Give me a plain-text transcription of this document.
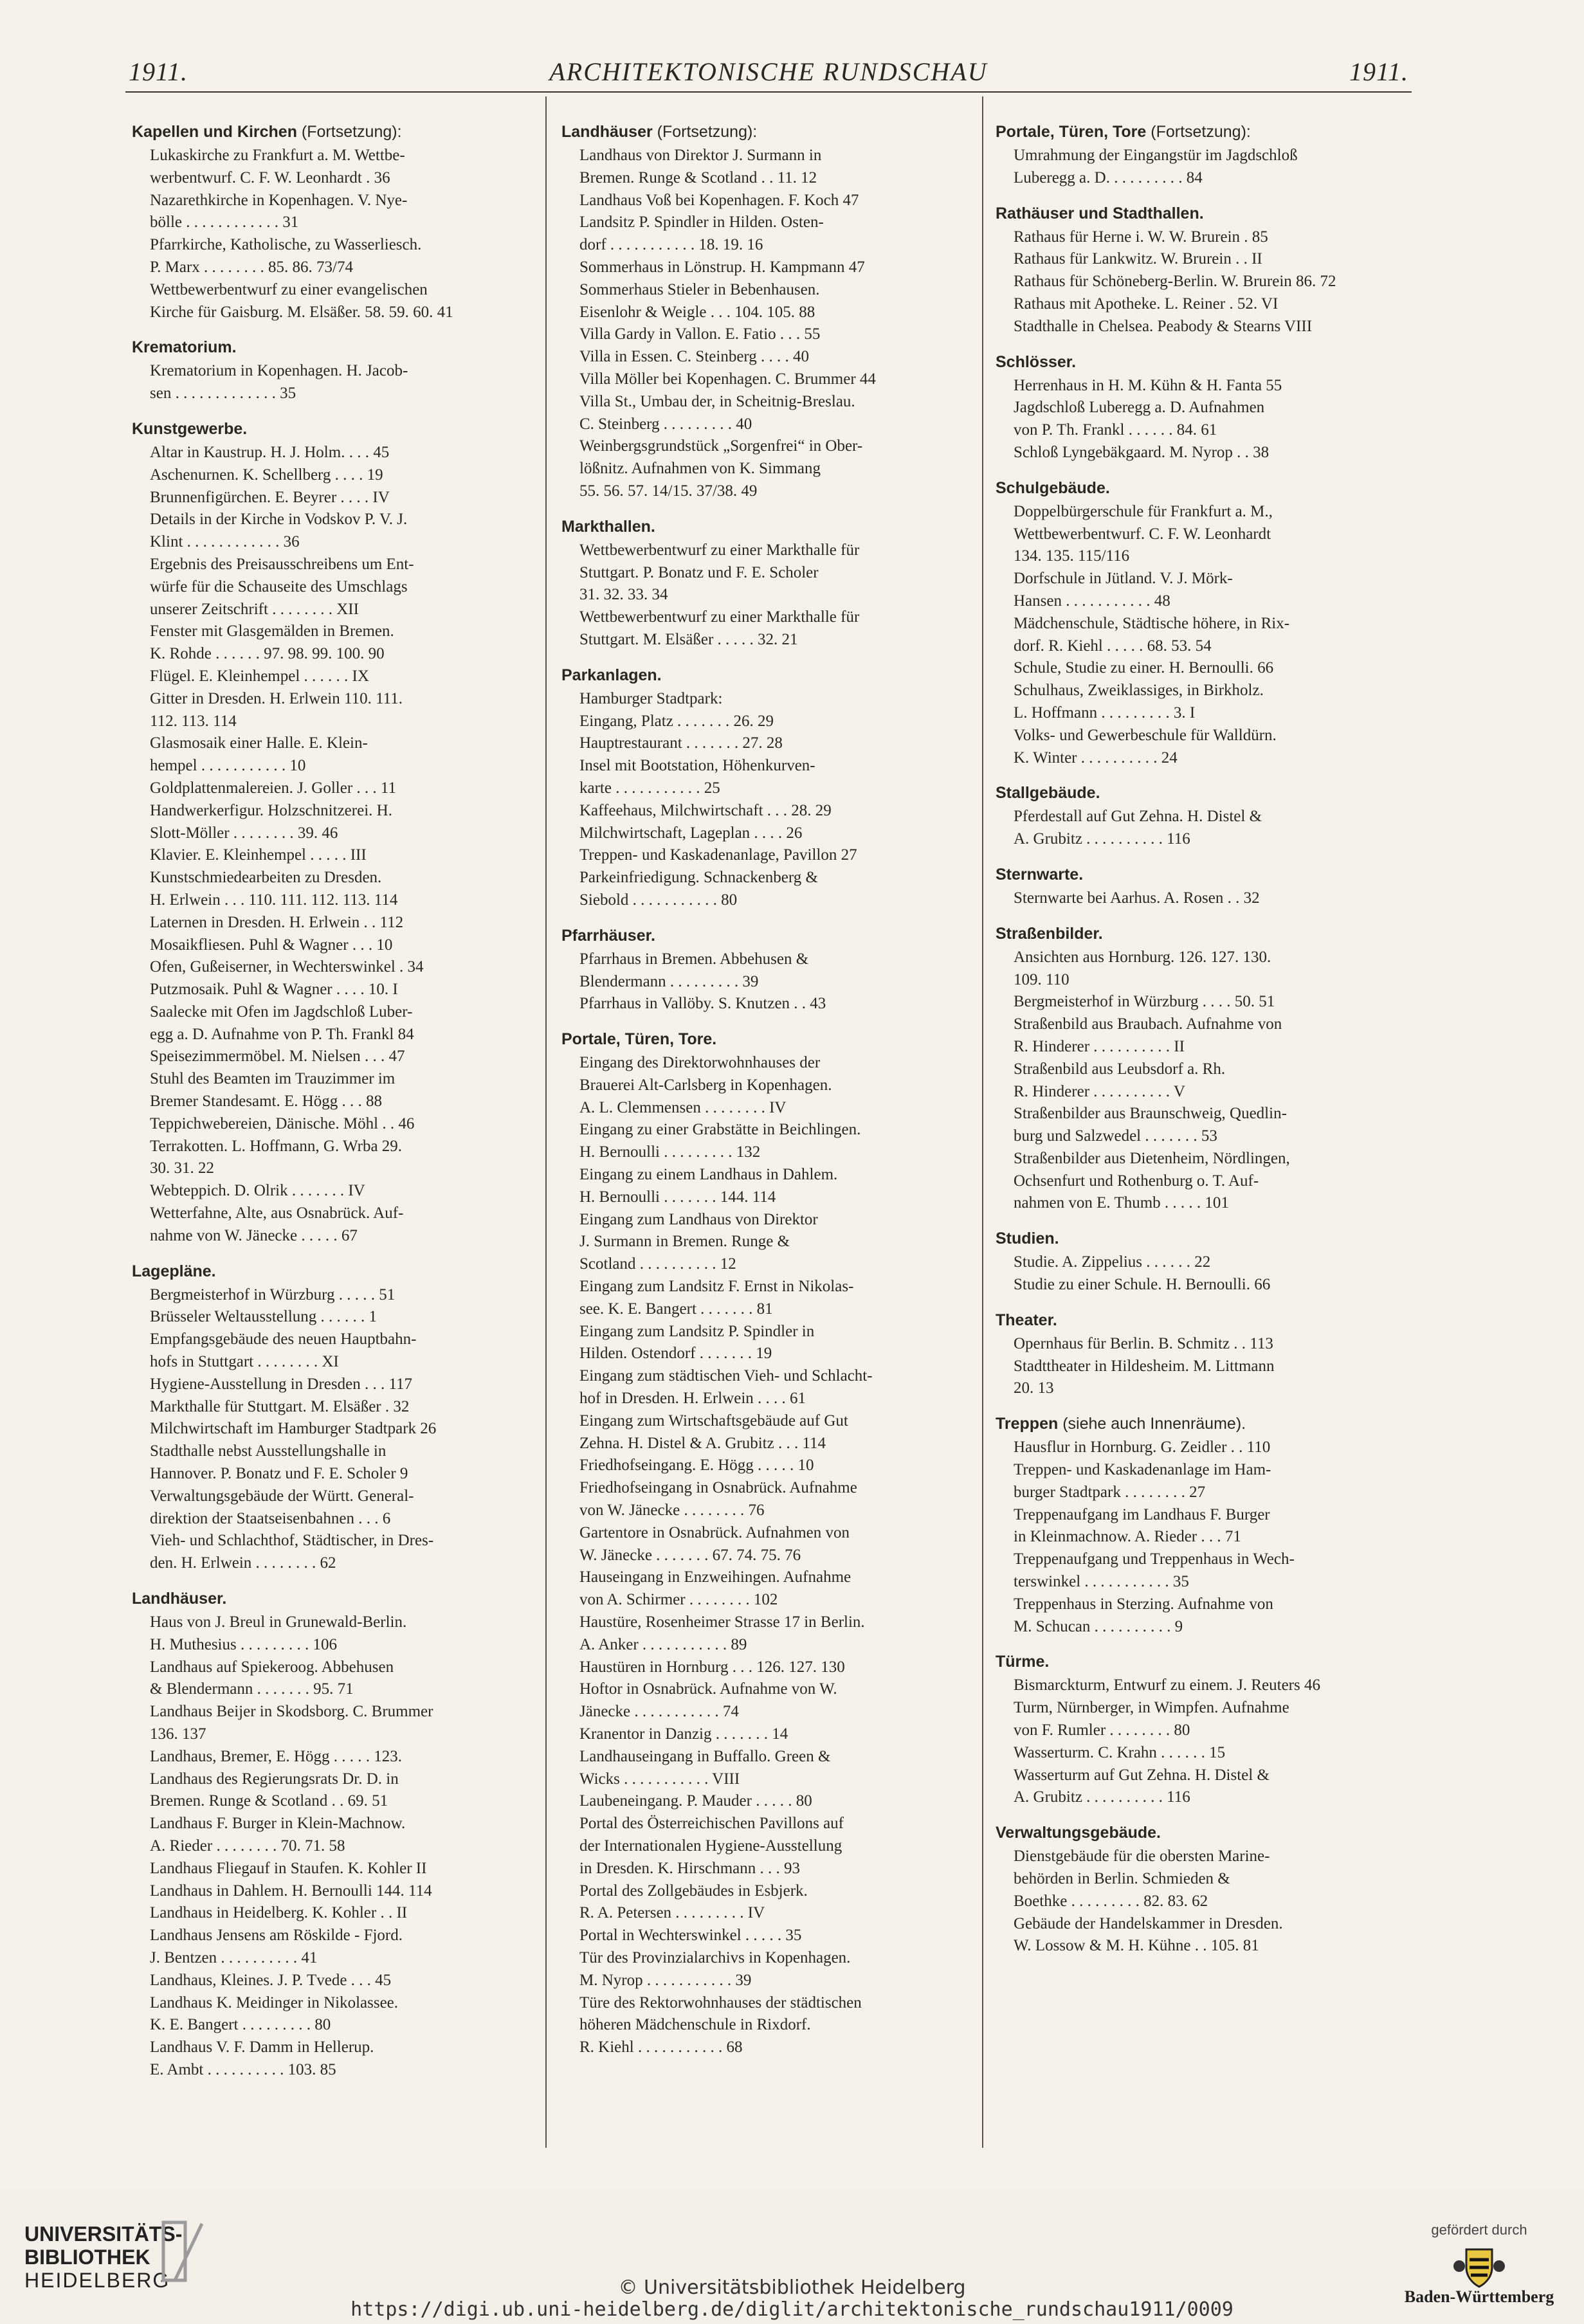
1911.	ARCHITEKTONISCHE RUNDSCHAU	1911.
Kapellen und Kirchen (Fortsetzung):
Lukaskirche zu Frankfurt a. M. Wettbe-
werbentwurf. C. F. W. Leonhardt . 36
Nazarethkirche in Kopenhagen. V. Nye-
bölle . . . . . . . . . . . . 31
Pfarrkirche, Katholische, zu Wasserliesch.
P. Marx . . . . . . . . 85. 86. 73/74
Wettbewerbentwurf zu einer evangelischen
Kirche für Gaisburg. M. Elsäßer. 58. 59. 60. 41
Krematorium.
Krematorium in Kopenhagen. H. Jacob-
sen . . . . . . . . . . . . . 35
Kunstgewerbe.
Altar in Kaustrup. H. J. Holm. . . . 45
Aschenurnen. K. Schellberg . . . . 19
Brunnenfigürchen. E. Beyrer . . . . IV
Details in der Kirche in Vodskov P. V. J.
Klint . . . . . . . . . . . . 36
Ergebnis des Preisausschreibens um Ent-
würfe für die Schauseite des Umschlags
unserer Zeitschrift . . . . . . . . XII
Fenster mit Glasgemälden in Bremen.
K. Rohde . . . . . . 97. 98. 99. 100. 90
Flügel. E. Kleinhempel . . . . . . IX
Gitter in Dresden. H. Erlwein 110. 111.
112. 113. 114
Glasmosaik einer Halle. E. Klein-
hempel . . . . . . . . . . . 10
Goldplattenmalereien. J. Goller . . . 11
Handwerkerfigur. Holzschnitzerei. H.
Slott-Möller . . . . . . . . 39. 46
Klavier. E. Kleinhempel . . . . . III
Kunstschmiedearbeiten zu Dresden.
H. Erlwein . . . 110. 111. 112. 113. 114
Laternen in Dresden. H. Erlwein . . 112
Mosaikfliesen. Puhl & Wagner . . . 10
Ofen, Gußeiserner, in Wechterswinkel . 34
Putzmosaik. Puhl & Wagner . . . . 10. I
Saalecke mit Ofen im Jagdschloß Luber-
egg a. D. Aufnahme von P. Th. Frankl 84
Speisezimmermöbel. M. Nielsen . . . 47
Stuhl des Beamten im Trauzimmer im
Bremer Standesamt. E. Högg . . . 88
Teppichwebereien, Dänische. Möhl . . 46
Terrakotten. L. Hoffmann, G. Wrba 29.
30. 31. 22
Webteppich. D. Olrik . . . . . . . IV
Wetterfahne, Alte, aus Osnabrück. Auf-
nahme von W. Jänecke . . . . . 67
Lagepläne.
Bergmeisterhof in Würzburg . . . . . 51
Brüsseler Weltausstellung . . . . . . 1
Empfangsgebäude des neuen Hauptbahn-
hofs in Stuttgart . . . . . . . . XI
Hygiene-Ausstellung in Dresden . . . 117
Markthalle für Stuttgart. M. Elsäßer . 32
Milchwirtschaft im Hamburger Stadtpark 26
Stadthalle nebst Ausstellungshalle in
Hannover. P. Bonatz und F. E. Scholer 9
Verwaltungsgebäude der Württ. General-
direktion der Staatseisenbahnen . . . 6
Vieh- und Schlachthof, Städtischer, in Dres-
den. H. Erlwein . . . . . . . . 62
Landhäuser.
Haus von J. Breul in Grunewald-Berlin.
H. Muthesius . . . . . . . . . 106
Landhaus auf Spiekeroog. Abbehusen
& Blendermann . . . . . . . 95. 71
Landhaus Beijer in Skodsborg. C. Brummer
136. 137
Landhaus, Bremer, E. Högg . . . . . 123.
Landhaus des Regierungsrats Dr. D. in
Bremen. Runge & Scotland . . 69. 51
Landhaus F. Burger in Klein-Machnow.
A. Rieder . . . . . . . . 70. 71. 58
Landhaus Fliegauf in Staufen. K. Kohler II
Landhaus in Dahlem. H. Bernoulli 144. 114
Landhaus in Heidelberg. K. Kohler . . II
Landhaus Jensens am Röskilde - Fjord.
J. Bentzen . . . . . . . . . . 41
Landhaus, Kleines. J. P. Tvede . . . 45
Landhaus K. Meidinger in Nikolassee.
K. E. Bangert . . . . . . . . . 80
Landhaus V. F. Damm in Hellerup.
E. Ambt . . . . . . . . . . 103. 85
Landhäuser (Fortsetzung):
Landhaus von Direktor J. Surmann in
Bremen. Runge & Scotland . . 11. 12
Landhaus Voß bei Kopenhagen. F. Koch 47
Landsitz P. Spindler in Hilden. Osten-
dorf . . . . . . . . . . . 18. 19. 16
Sommerhaus in Lönstrup. H. Kampmann 47
Sommerhaus Stieler in Bebenhausen.
Eisenlohr & Weigle . . . 104. 105. 88
Villa Gardy in Vallon. E. Fatio . . . 55
Villa in Essen. C. Steinberg . . . . 40
Villa Möller bei Kopenhagen. C. Brummer 44
Villa St., Umbau der, in Scheitnig-Breslau.
C. Steinberg . . . . . . . . . 40
Weinbergsgrundstück „Sorgenfrei“ in Ober-
lößnitz. Aufnahmen von K. Simmang
55. 56. 57. 14/15. 37/38. 49
Markthallen.
Wettbewerbentwurf zu einer Markthalle für
Stuttgart. P. Bonatz und F. E. Scholer
31. 32. 33. 34
Wettbewerbentwurf zu einer Markthalle für
Stuttgart. M. Elsäßer . . . . . 32. 21
Parkanlagen.
Hamburger Stadtpark:
Eingang, Platz . . . . . . . 26. 29
Hauptrestaurant . . . . . . . 27. 28
Insel mit Bootstation, Höhenkurven-
karte . . . . . . . . . . . 25
Kaffeehaus, Milchwirtschaft . . . 28. 29
Milchwirtschaft, Lageplan . . . . 26
Treppen- und Kaskadenanlage, Pavillon 27
Parkeinfriedigung. Schnackenberg &
Siebold . . . . . . . . . . . 80
Pfarrhäuser.
Pfarrhaus in Bremen. Abbehusen &
Blendermann . . . . . . . . . 39
Pfarrhaus in Vallöby. S. Knutzen . . 43
Portale, Türen, Tore.
Eingang des Direktorwohnhauses der
Brauerei Alt-Carlsberg in Kopenhagen.
A. L. Clemmensen . . . . . . . . IV
Eingang zu einer Grabstätte in Beichlingen.
H. Bernoulli . . . . . . . . . 132
Eingang zu einem Landhaus in Dahlem.
H. Bernoulli . . . . . . . 144. 114
Eingang zum Landhaus von Direktor
J. Surmann in Bremen. Runge &
Scotland . . . . . . . . . . 12
Eingang zum Landsitz F. Ernst in Nikolas-
see. K. E. Bangert . . . . . . . 81
Eingang zum Landsitz P. Spindler in
Hilden. Ostendorf . . . . . . . 19
Eingang zum städtischen Vieh- und Schlacht-
hof in Dresden. H. Erlwein . . . . 61
Eingang zum Wirtschaftsgebäude auf Gut
Zehna. H. Distel & A. Grubitz . . . 114
Friedhofseingang. E. Högg . . . . . 10
Friedhofseingang in Osnabrück. Aufnahme
von W. Jänecke . . . . . . . . 76
Gartentore in Osnabrück. Aufnahmen von
W. Jänecke . . . . . . . 67. 74. 75. 76
Hauseingang in Enzweihingen. Aufnahme
von A. Schirmer . . . . . . . . 102
Haustüre, Rosenheimer Strasse 17 in Berlin.
A. Anker . . . . . . . . . . . 89
Haustüren in Hornburg . . . 126. 127. 130
Hoftor in Osnabrück. Aufnahme von W.
Jänecke . . . . . . . . . . . 74
Kranentor in Danzig . . . . . . . 14
Landhauseingang in Buffallo. Green &
Wicks . . . . . . . . . . . VIII
Laubeneingang. P. Mauder . . . . . 80
Portal des Österreichischen Pavillons auf
der Internationalen Hygiene-Ausstellung
in Dresden. K. Hirschmann . . . 93
Portal des Zollgebäudes in Esbjerk.
R. A. Petersen . . . . . . . . . IV
Portal in Wechterswinkel . . . . . 35
Tür des Provinzialarchivs in Kopenhagen.
M. Nyrop . . . . . . . . . . . 39
Türe des Rektorwohnhauses der städtischen
höheren Mädchenschule in Rixdorf.
R. Kiehl . . . . . . . . . . . 68
Portale, Türen, Tore (Fortsetzung):
Umrahmung der Eingangstür im Jagdschloß
Luberegg a. D. . . . . . . . . . 84
Rathäuser und Stadthallen.
Rathaus für Herne i. W. W. Brurein . 85
Rathaus für Lankwitz. W. Brurein . . II
Rathaus für Schöneberg-Berlin. W. Brurein 86. 72
Rathaus mit Apotheke. L. Reiner . 52. VI
Stadthalle in Chelsea. Peabody & Stearns VIII
Schlösser.
Herrenhaus in H. M. Kühn & H. Fanta 55
Jagdschloß Luberegg a. D. Aufnahmen
von P. Th. Frankl . . . . . . 84. 61
Schloß Lyngebäkgaard. M. Nyrop . . 38
Schulgebäude.
Doppelbürgerschule für Frankfurt a. M.,
Wettbewerbentwurf. C. F. W. Leonhardt
134. 135. 115/116
Dorfschule in Jütland. V. J. Mörk-
Hansen . . . . . . . . . . . 48
Mädchenschule, Städtische höhere, in Rix-
dorf. R. Kiehl . . . . . 68. 53. 54
Schule, Studie zu einer. H. Bernoulli. 66
Schulhaus, Zweiklassiges, in Birkholz.
L. Hoffmann . . . . . . . . . 3. I
Volks- und Gewerbeschule für Walldürn.
K. Winter . . . . . . . . . . 24
Stallgebäude.
Pferdestall auf Gut Zehna. H. Distel &
A. Grubitz . . . . . . . . . . 116
Sternwarte.
Sternwarte bei Aarhus. A. Rosen . . 32
Straßenbilder.
Ansichten aus Hornburg. 126. 127. 130.
109. 110
Bergmeisterhof in Würzburg . . . . 50. 51
Straßenbild aus Braubach. Aufnahme von
R. Hinderer . . . . . . . . . . II
Straßenbild aus Leubsdorf a. Rh.
R. Hinderer . . . . . . . . . . V
Straßenbilder aus Braunschweig, Quedlin-
burg und Salzwedel . . . . . . . 53
Straßenbilder aus Dietenheim, Nördlingen,
Ochsenfurt und Rothenburg o. T. Auf-
nahmen von E. Thumb . . . . . 101
Studien.
Studie. A. Zippelius . . . . . . 22
Studie zu einer Schule. H. Bernoulli. 66
Theater.
Opernhaus für Berlin. B. Schmitz . . 113
Stadttheater in Hildesheim. M. Littmann
20. 13
Treppen (siehe auch Innenräume).
Hausflur in Hornburg. G. Zeidler . . 110
Treppen- und Kaskadenanlage im Ham-
burger Stadtpark . . . . . . . . 27
Treppenaufgang im Landhaus F. Burger
in Kleinmachnow. A. Rieder . . . 71
Treppenaufgang und Treppenhaus in Wech-
terswinkel . . . . . . . . . . . 35
Treppenhaus in Sterzing. Aufnahme von
M. Schucan . . . . . . . . . . 9
Türme.
Bismarckturm, Entwurf zu einem. J. Reuters 46
Turm, Nürnberger, in Wimpfen. Aufnahme
von F. Rumler . . . . . . . . 80
Wasserturm. C. Krahn . . . . . . 15
Wasserturm auf Gut Zehna. H. Distel &
A. Grubitz . . . . . . . . . . 116
Verwaltungsgebäude.
Dienstgebäude für die obersten Marine-
behörden in Berlin. Schmieden &
Boethke . . . . . . . . . 82. 83. 62
Gebäude der Handelskammer in Dresden.
W. Lossow & M. H. Kühne . . 105. 81
UNIVERSITÄTS-
BIBLIOTHEK
HEIDELBERG	© Universitätsbibliothek Heidelberg
https://digi.ub.uni-heidelberg.de/diglit/architektonische_rundschau1911/0009
gefördert durch
Baden-Württemberg
